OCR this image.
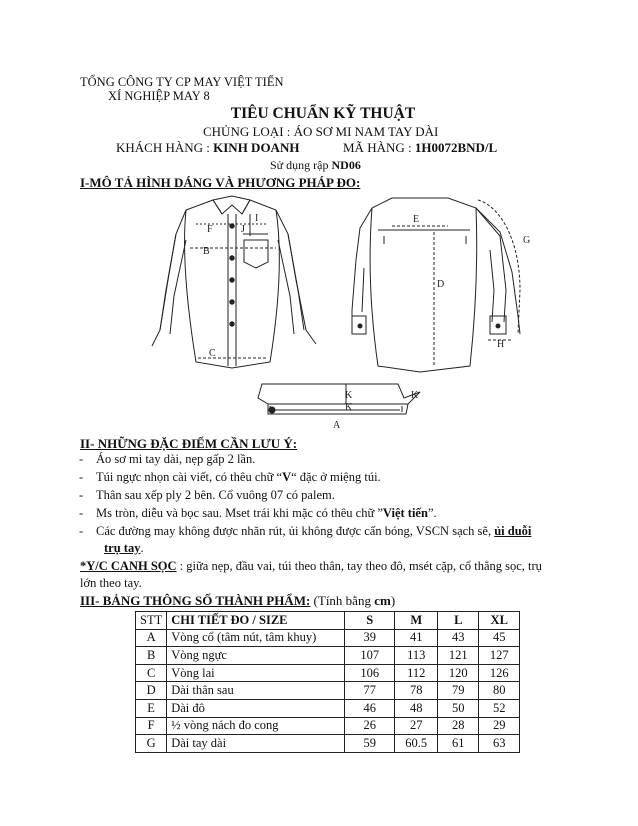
TỔNG CÔNG TY CP MAY VIỆT TIẾN
XÍ NGHIỆP MAY 8
TIÊU CHUẨN KỸ THUẬT
CHỦNG LOẠI : ÁO SƠ MI NAM TAY DÀI
KHÁCH HÀNG : KINH DOANH	MÃ HÀNG : 1H0072BND/L
Sử dụng rập ND06
I-MÔ TẢ HÌNH DÁNG VÀ PHƯƠNG PHÁP ĐO:
F
I
J
B
C
E
G
D
H
K
K
K
A
II- NHỮNG ĐẶC ĐIỂM CẦN LƯU Ý:
- Áo sơ mi tay dài, nẹp gấp 2 lần.
- Túi ngực nhọn cài viết, có thêu chữ “V“ đặc ở miệng túi.
- Thân sau xếp ply 2 bên. Cổ vuông 07 có palem.
- Ms tròn, diễu và bọc sau. Mset trái khi mặc có thêu chữ ”Việt tiến”.
- Các đường may không được nhăn rút, ủi không được cấn bóng, VSCN sạch sẽ, ủi duỗi
trụ tay.
*Y/C CANH SỌC : giữa nẹp, đầu vai, túi theo thân, tay theo đô, msét cặp, cổ thẳng sọc, trụ
lớn theo tay.
III- BẢNG THÔNG SỐ THÀNH PHẨM: (Tính bằng cm)
STT	CHI TIẾT ĐO / SIZE	S	M	L	XL
A	Vòng cổ (tâm nút, tâm khuy)	39	41	43	45
B	Vòng ngực	107	113	121	127
C	Vòng lai	106	112	120	126
D	Dài thân sau	77	78	79	80
E	Dài đô	46	48	50	52
F	½ vòng nách đo cong	26	27	28	29
G	Dài tay dài	59	60.5	61	63
